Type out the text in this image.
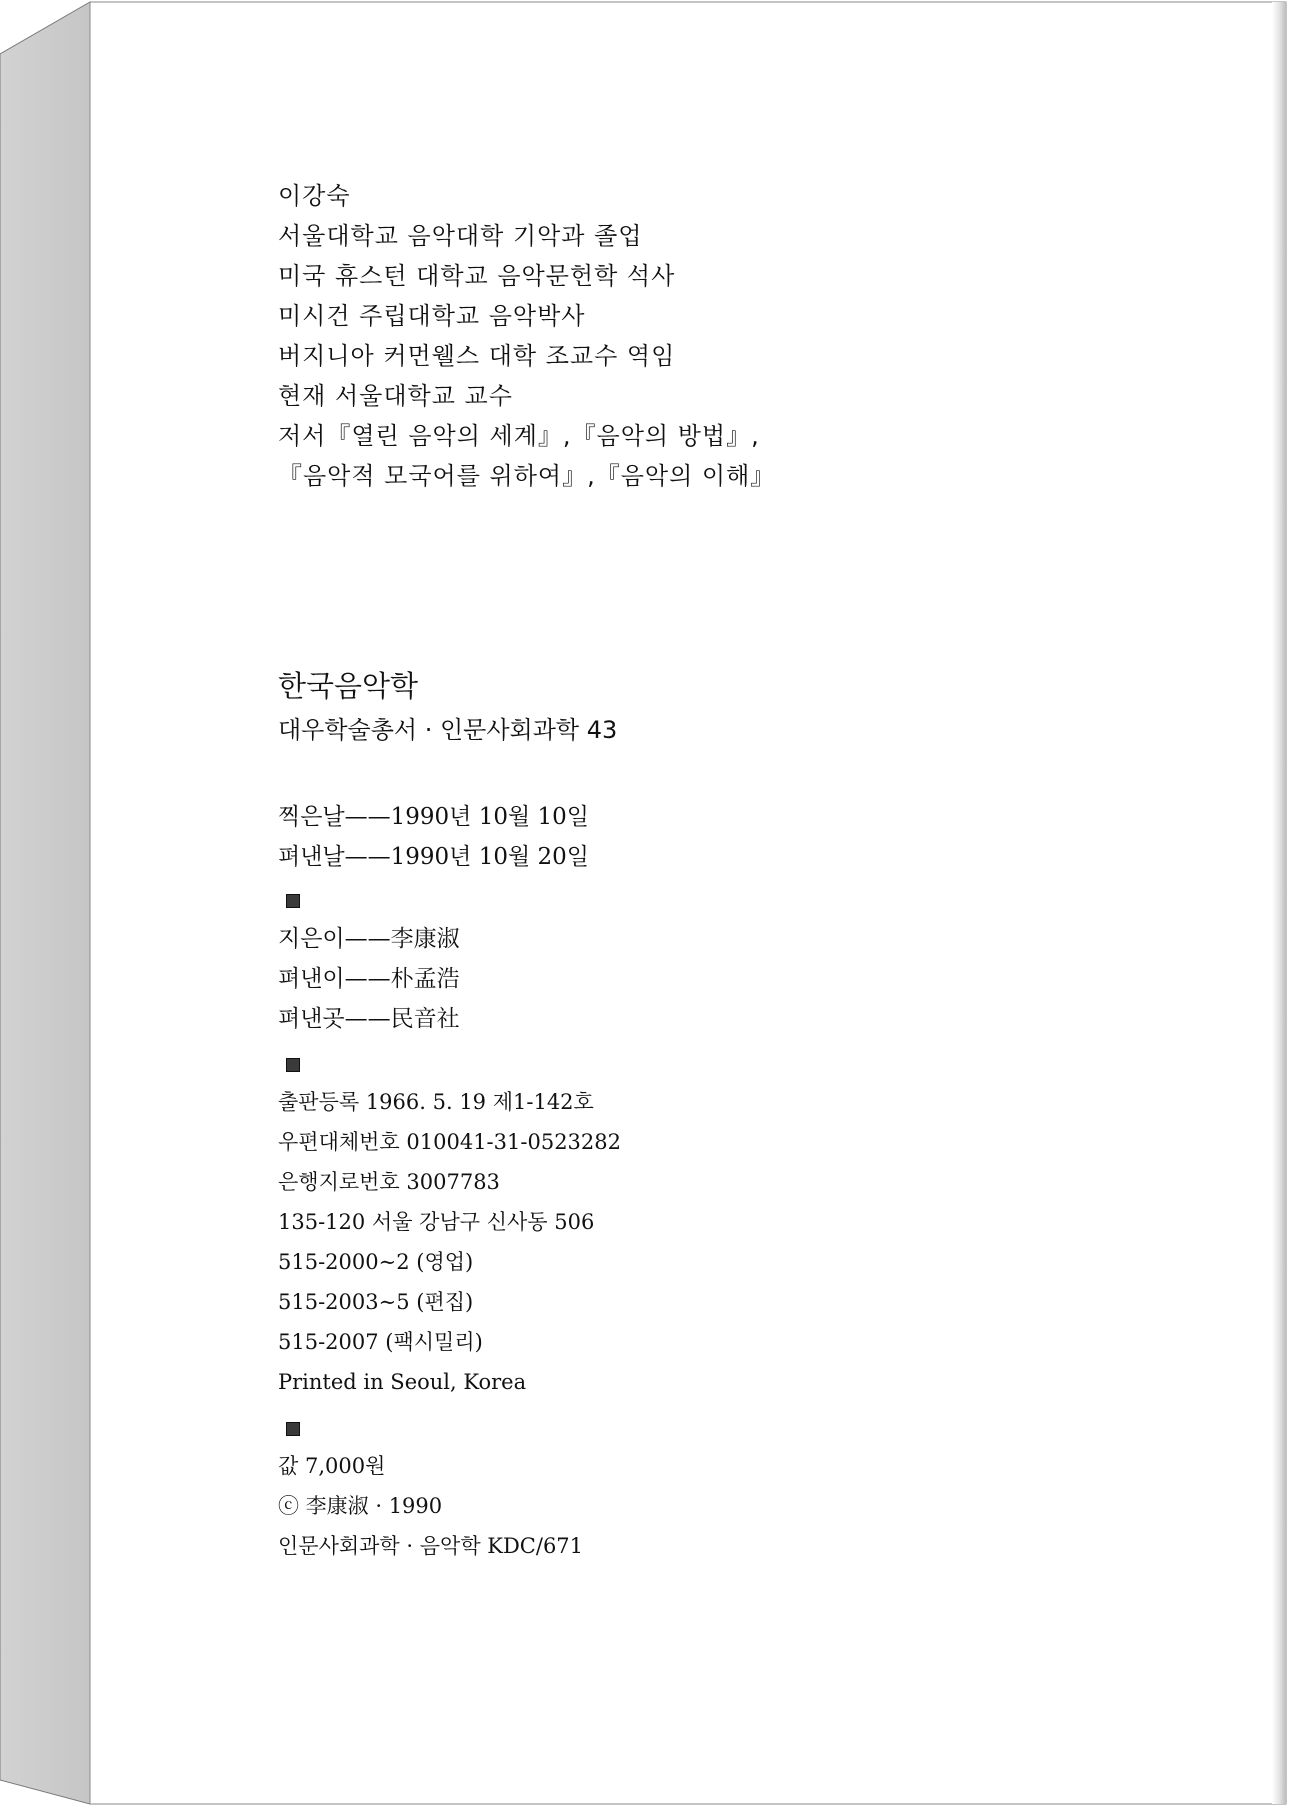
이강숙
서울대학교 음악대학 기악과 졸업
미국 휴스턴 대학교 음악문헌학 석사
미시건 주립대학교 음악박사
버지니아 커먼웰스 대학 조교수 역임
현재 서울대학교 교수
저서『열린 음악의 세계』,『음악의 방법』,
『음악적 모국어를 위하여』,『음악의 이해』
한국음악학
대우학술총서 · 인문사회과학 43
찍은날——1990년 10월 10일
펴낸날——1990년 10월 20일
지은이——李康淑
펴낸이——朴孟浩
펴낸곳——民音社
출판등록 1966. 5. 19 제1-142호
우편대체번호 010041-31-0523282
은행지로번호 3007783
135-120 서울 강남구 신사동 506
515-2000∼2 (영업)
515-2003∼5 (편집)
515-2007 (팩시밀리)
Printed in Seoul, Korea
값 7,000원
ⓒ 李康淑 · 1990
인문사회과학 · 음악학 KDC/671
